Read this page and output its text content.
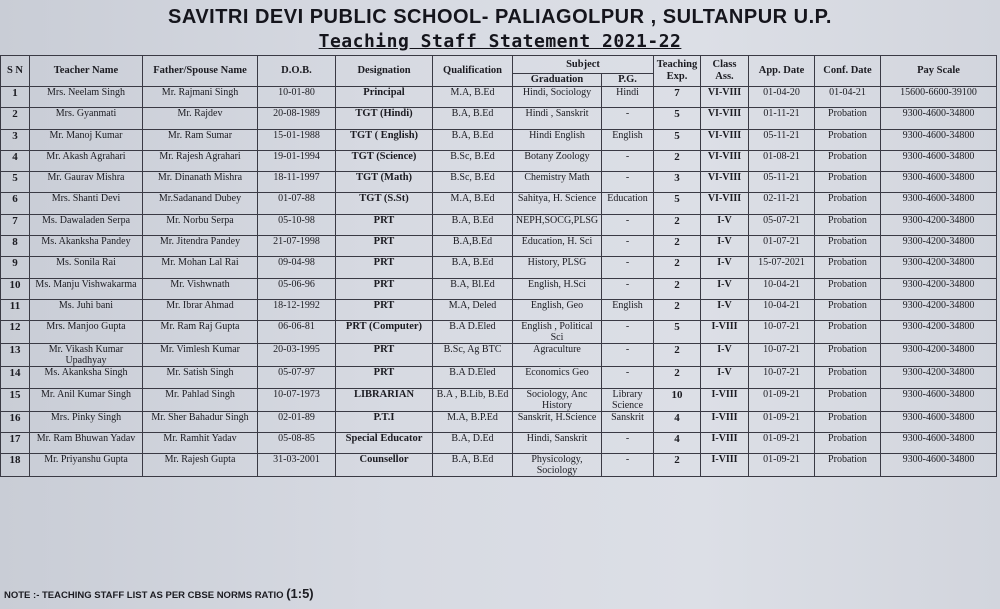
SAVITRI DEVI PUBLIC SCHOOL- PALIAGOLPUR , SULTANPUR U.P.
Teaching Staff Statement 2021-22
S N	Teacher Name	Father/Spouse Name	D.O.B.	Designation	Qualification	Subject		Teaching Exp.	Class Ass.	App. Date	Conf. Date	Pay Scale
						Graduation	P.G.					
1	Mrs. Neelam Singh	Mr. Rajmani Singh	10-01-80	Principal	M.A, B.Ed	Hindi, Sociology	Hindi	7	VI-VIII	01-04-20	01-04-21	15600-6600-39100
2	Mrs. Gyanmati	Mr. Rajdev	20-08-1989	TGT (Hindi)	B.A, B.Ed	Hindi , Sanskrit	-	5	VI-VIII	01-11-21	Probation	9300-4600-34800
3	Mr. Manoj Kumar	Mr. Ram Sumar	15-01-1988	TGT ( English)	B.A, B.Ed	Hindi English	English	5	VI-VIII	05-11-21	Probation	9300-4600-34800
4	Mr. Akash Agrahari	Mr. Rajesh Agrahari	19-01-1994	TGT (Science)	B.Sc, B.Ed	Botany Zoology	-	2	VI-VIII	01-08-21	Probation	9300-4600-34800
5	Mr. Gaurav Mishra	Mr. Dinanath Mishra	18-11-1997	TGT (Math)	B.Sc, B.Ed	Chemistry Math	-	3	VI-VIII	05-11-21	Probation	9300-4600-34800
6	Mrs. Shanti Devi	Mr.Sadanand Dubey	01-07-88	TGT (S.St)	M.A, B.Ed	Sahitya, H. Science	Education	5	VI-VIII	02-11-21	Probation	9300-4600-34800
7	Ms. Dawaladen Serpa	Mr. Norbu Serpa	05-10-98	PRT	B.A, B.Ed	NEPH,SOCG,PLSG	-	2	I-V	05-07-21	Probation	9300-4200-34800
8	Ms. Akanksha Pandey	Mr. Jitendra Pandey	21-07-1998	PRT	B.A,B.Ed	Education, H. Sci	-	2	I-V	01-07-21	Probation	9300-4200-34800
9	Ms. Sonila Rai	Mr. Mohan Lal Rai	09-04-98	PRT	B.A, B.Ed	History, PLSG	-	2	I-V	15-07-2021	Probation	9300-4200-34800
10	Ms. Manju Vishwakarma	Mr. Vishwnath	05-06-96	PRT	B.A, Bl.Ed	English, H.Sci	-	2	I-V	10-04-21	Probation	9300-4200-34800
11	Ms. Juhi bani	Mr. Ibrar Ahmad	18-12-1992	PRT	M.A, Deled	English, Geo	English	2	I-V	10-04-21	Probation	9300-4200-34800
12	Mrs. Manjoo Gupta	Mr. Ram Raj Gupta	06-06-81	PRT (Computer)	B.A D.Eled	English , Political Sci	-	5	I-VIII	10-07-21	Probation	9300-4200-34800
13	Mr. Vikash Kumar Upadhyay	Mr. Vimlesh Kumar	20-03-1995	PRT	B.Sc, Ag BTC	Agraculture	-	2	I-V	10-07-21	Probation	9300-4200-34800
14	Ms. Akanksha Singh	Mr. Satish Singh	05-07-97	PRT	B.A D.Eled	Economics Geo	-	2	I-V	10-07-21	Probation	9300-4200-34800
15	Mr. Anil Kumar Singh	Mr. Pahlad Singh	10-07-1973	LIBRARIAN	B.A , B.Lib, B.Ed	Sociology, Anc History	Library Science	10	I-VIII	01-09-21	Probation	9300-4600-34800
16	Mrs. Pinky Singh	Mr. Sher Bahadur Singh	02-01-89	P.T.I	M.A, B.P.Ed	Sanskrit, H.Science	Sanskrit	4	I-VIII	01-09-21	Probation	9300-4600-34800
17	Mr. Ram Bhuwan Yadav	Mr. Ramhit Yadav	05-08-85	Special Educator	B.A, D.Ed	Hindi, Sanskrit	-	4	I-VIII	01-09-21	Probation	9300-4600-34800
18	Mr. Priyanshu Gupta	Mr. Rajesh Gupta	31-03-2001	Counsellor	B.A, B.Ed	Physicology, Sociology	-	2	I-VIII	01-09-21	Probation	9300-4600-34800
NOTE :- TEACHING STAFF LIST AS PER CBSE NORMS RATIO (1:5)
